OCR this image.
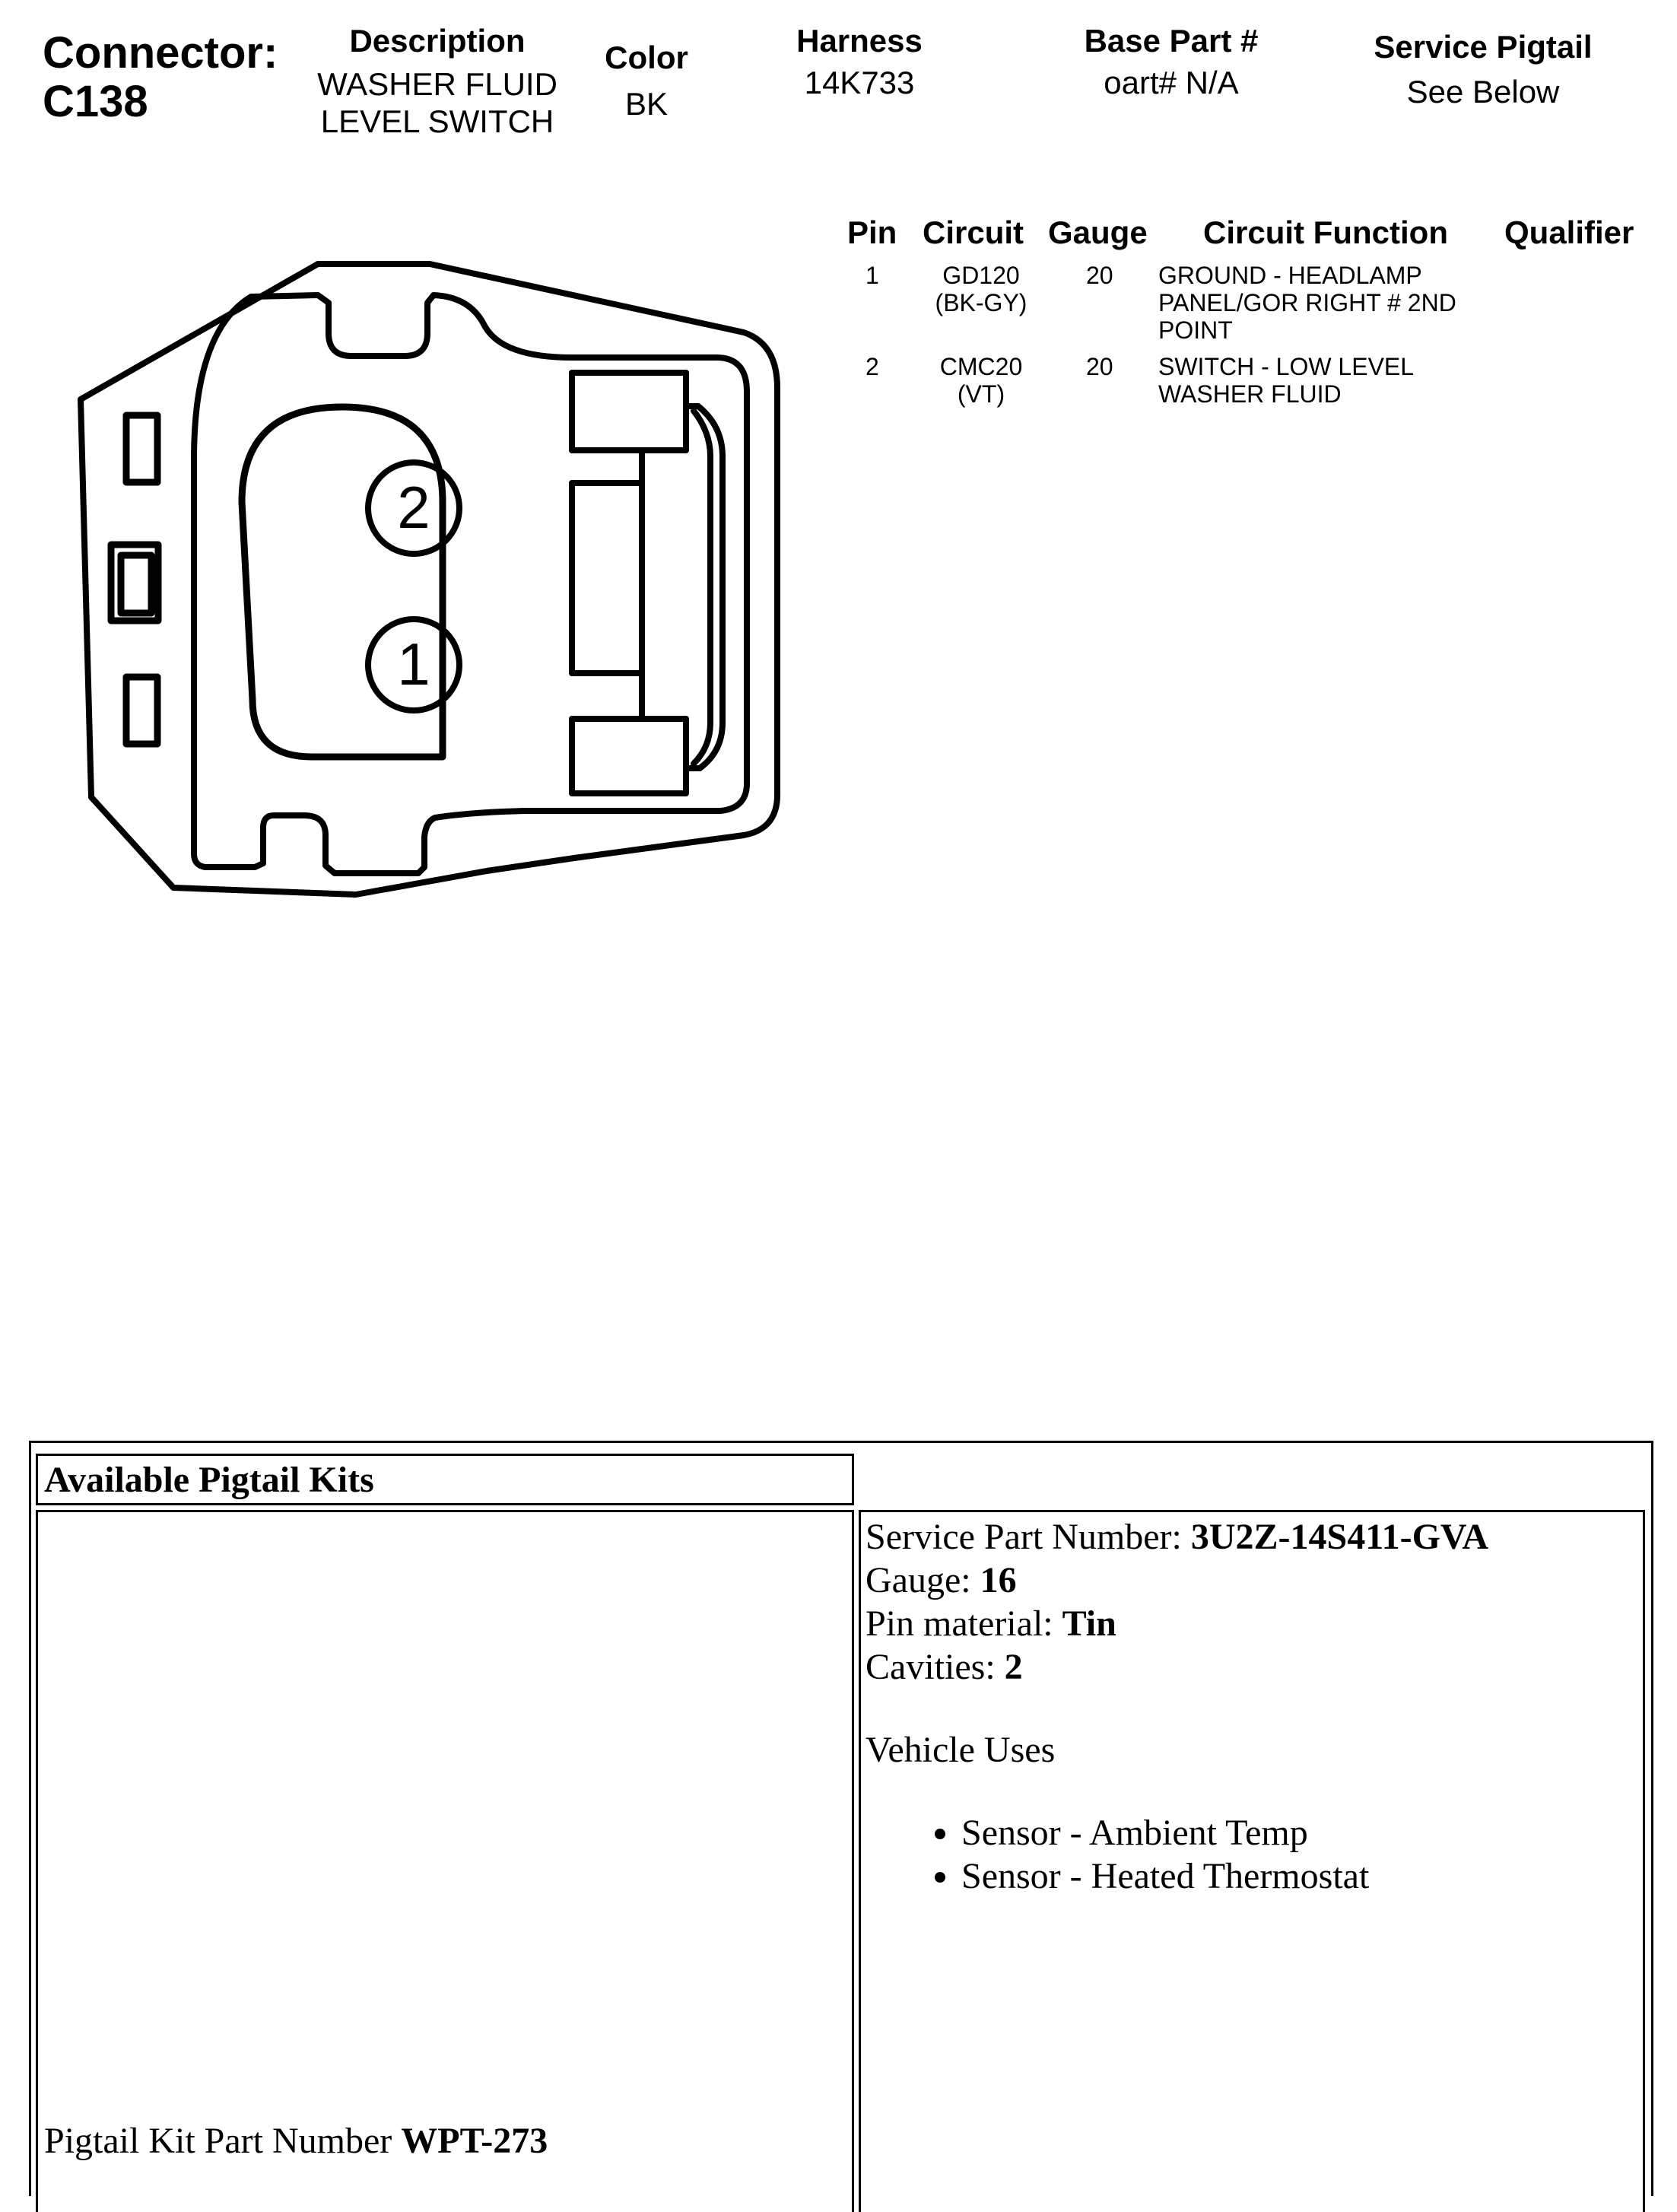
Connector:
C138
Description
WASHER FLUID
LEVEL SWITCH
Color
BK
Harness
14K733
Base Part #
oart# N/A
Service Pigtail
See Below
2
1
Pin Circuit Gauge Circuit Function Qualifier
1	GD120
(BK-GY)
20 GROUND - HEADLAMP
PANEL/GOR RIGHT # 2ND
POINT
2	CMC20
(VT)
20 SWITCH - LOW LEVEL
WASHER FLUID
Available Pigtail Kits
Pigtail Kit Part Number WPT-273
Service Part Number: 3U2Z-14S411-GVA
Gauge: 16
Pin material: Tin
Cavities: 2
Vehicle Uses
• Sensor - Ambient Temp
• Sensor - Heated Thermostat
